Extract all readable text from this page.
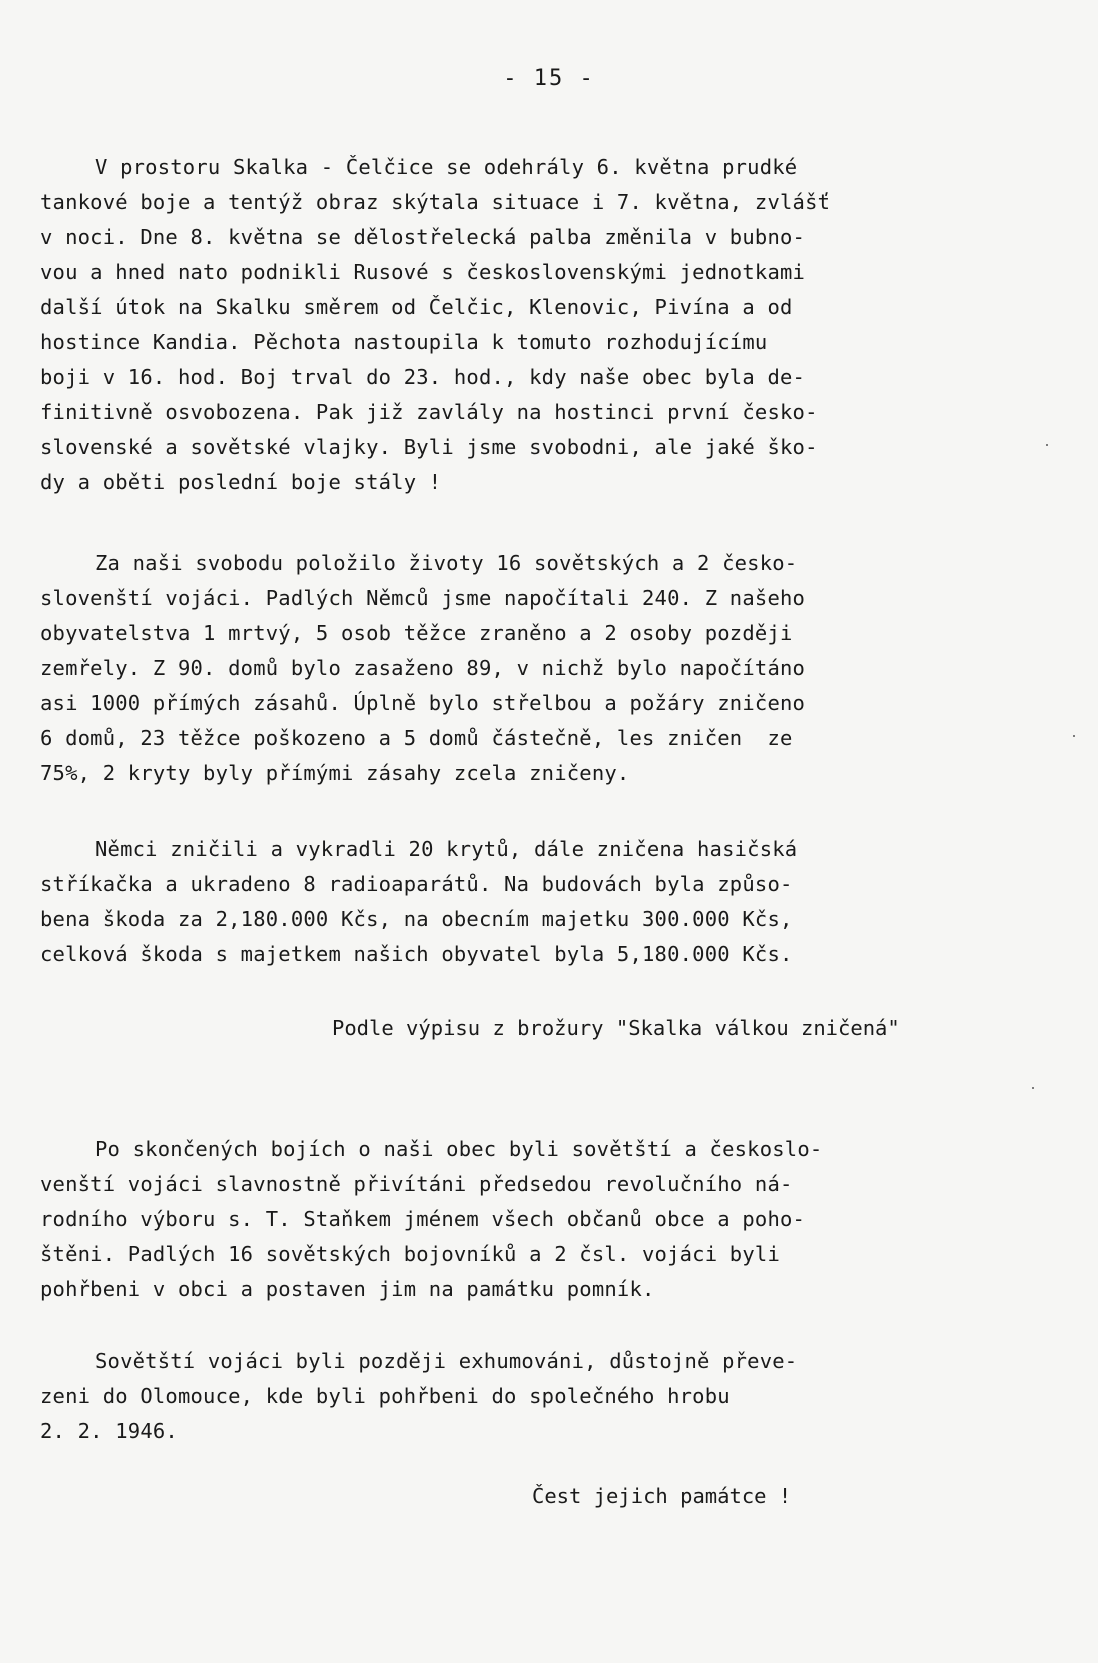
- 15 -
V prostoru Skalka - Čelčice se odehrály 6. května prudké
tankové boje a tentýž obraz skýtala situace i 7. května, zvlášť
v noci. Dne 8. května se dělostřelecká palba změnila v bubno-
vou a hned nato podnikli Rusové s československými jednotkami
další útok na Skalku směrem od Čelčic, Klenovic, Pivína a od
hostince Kandia. Pěchota nastoupila k tomuto rozhodujícímu
boji v 16. hod. Boj trval do 23. hod., kdy naše obec byla de-
finitivně osvobozena. Pak již zavlály na hostinci první česko-
slovenské a sovětské vlajky. Byli jsme svobodni, ale jaké ško-
dy a oběti poslední boje stály !
Za naši svobodu položilo životy 16 sovětských a 2 česko-
slovenští vojáci. Padlých Němců jsme napočítali 240. Z našeho
obyvatelstva 1 mrtvý, 5 osob těžce zraněno a 2 osoby později
zemřely. Z 90. domů bylo zasaženo 89, v nichž bylo napočítáno
asi 1000 přímých zásahů. Úplně bylo střelbou a požáry zničeno
6 domů, 23 těžce poškozeno a 5 domů částečně, les zničen  ze
75%, 2 kryty byly přímými zásahy zcela zničeny.
Němci zničili a vykradli 20 krytů, dále zničena hasičská
stříkačka a ukradeno 8 radioaparátů. Na budovách byla způso-
bena škoda za 2,180.000 Kčs, na obecním majetku 300.000 Kčs,
celková škoda s majetkem našich obyvatel byla 5,180.000 Kčs.
Podle výpisu z brožury "Skalka válkou zničená"
Po skončených bojích o naši obec byli sovětští a českoslo-
venští vojáci slavnostně přivítáni předsedou revolučního ná-
rodního výboru s. T. Staňkem jménem všech občanů obce a poho-
štěni. Padlých 16 sovětských bojovníků a 2 čsl. vojáci byli
pohřbeni v obci a postaven jim na památku pomník.
Sovětští vojáci byli později exhumováni, důstojně převe-
zeni do Olomouce, kde byli pohřbeni do společného hrobu
2. 2. 1946.
Čest jejich památce !
